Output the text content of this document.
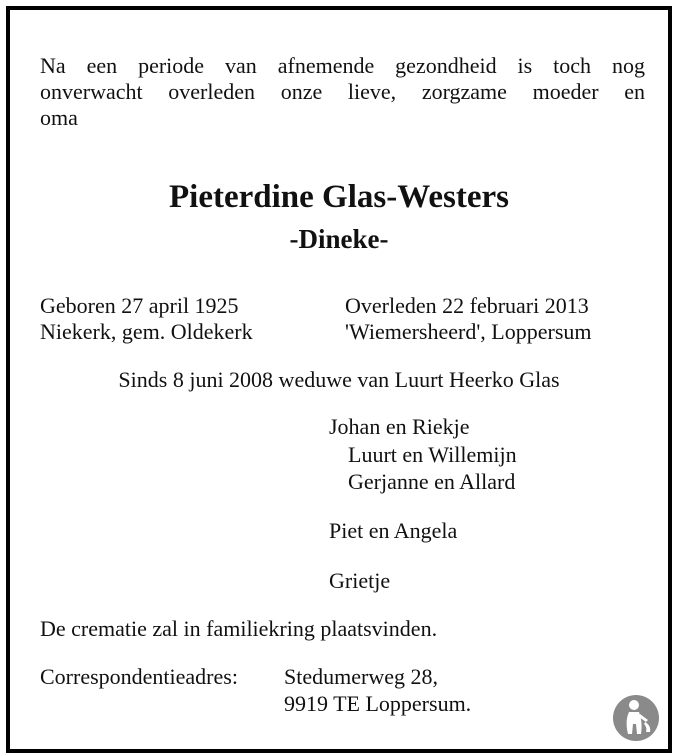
Na een periode van afnemende gezondheid is toch nog
onverwacht overleden onze lieve, zorgzame moeder en
oma
Pieterdine Glas-Westers
-Dineke-
Geboren 27 april 1925
Niekerk, gem. Oldekerk
Overleden 22 februari 2013
'Wiemersheerd', Loppersum
Sinds 8 juni 2008 weduwe van Luurt Heerko Glas
Johan en Riekje
Luurt en Willemijn
Gerjanne en Allard
Piet en Angela
Grietje
De crematie zal in familiekring plaatsvinden.
Correspondentieadres: Stedumerweg 28,
9919 TE Loppersum.
